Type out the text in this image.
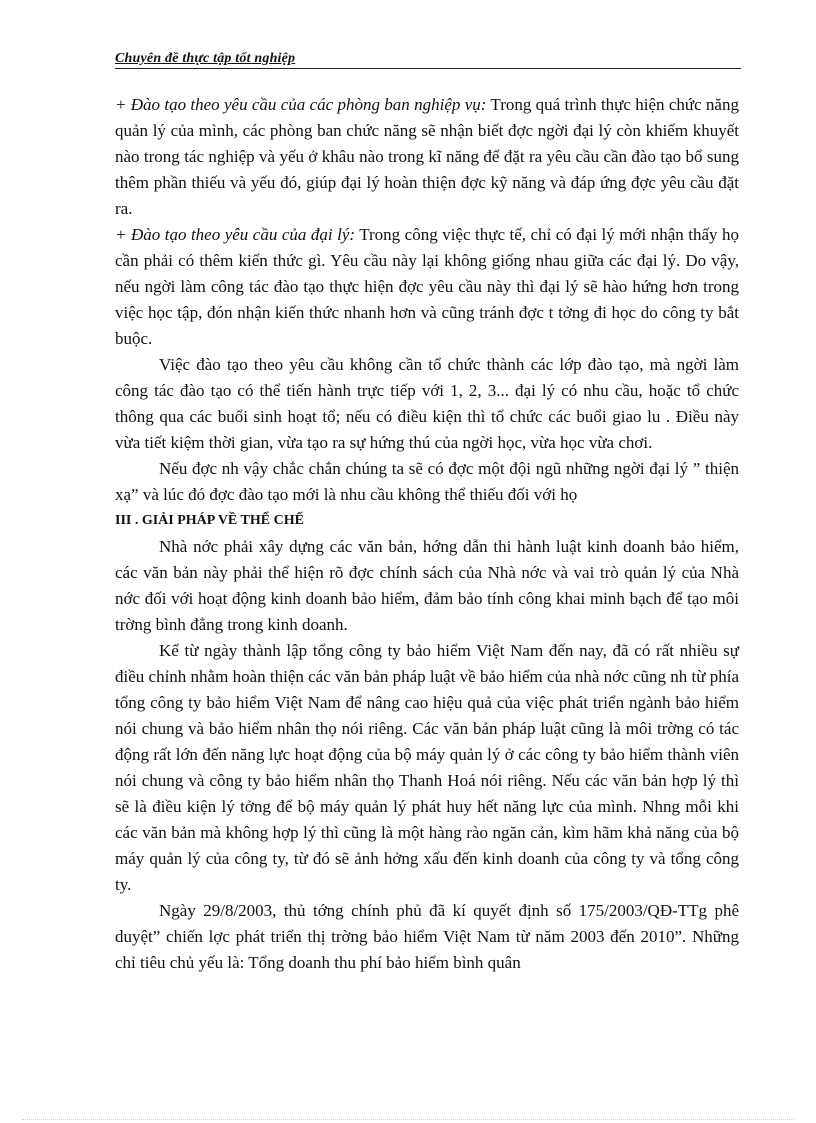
Chuyên đề thực tập tốt nghiệp

+ Đào tạo theo yêu cầu của các phòng ban nghiệp vụ: Trong quá trình thực hiện chức năng quản lý của mình, các phòng ban chức năng sẽ nhận biết đợc ngời đại lý còn khiếm khuyết nào trong tác nghiệp và yếu ở khâu nào trong kĩ năng để đặt ra yêu cầu cần đào tạo bổ sung thêm phần thiếu và yếu đó, giúp đại lý hoàn thiện đợc kỹ năng và đáp ứng đợc yêu cầu đặt ra.

+ Đào tạo theo yêu cầu của đại lý: Trong công việc thực tế, chỉ có đại lý mới nhận thấy họ cần phải có thêm kiến thức gì. Yêu cầu này lại không giống nhau giữa các đại lý. Do vậy, nếu ngời làm công tác đào tạo thực hiện đợc yêu cầu này thì đại lý sẽ hào hứng hơn trong việc học tập, đón nhận kiến thức nhanh hơn và cũng tránh đợc t tởng đi học do công ty bắt buộc.

Việc đào tạo theo yêu cầu không cần tổ chức thành các lớp đào tạo, mà ngời làm công tác đào tạo có thể tiến hành trực tiếp với 1, 2, 3... đại lý có nhu cầu, hoặc tổ chức thông qua các buổi sinh hoạt tổ; nếu có điều kiện thì tổ chức các buổi giao lu . Điều này vừa tiết kiệm thời gian, vừa tạo ra sự hứng thú của ngời học, vừa học vừa chơi.

Nếu đợc nh vậy chắc chắn chúng ta sẽ có đợc một đội ngũ những ngời đại lý ” thiện xạ” và lúc đó đợc đào tạo mới là nhu cầu không thể thiếu đối với họ

III . GIẢI PHÁP VỀ THỂ CHẾ

Nhà nớc phải xây dựng các văn bản, hớng dẫn thi hành luật kinh doanh bảo hiểm, các văn bản này phải thể hiện rõ đợc chính sách của Nhà nớc và vai trò quản lý của Nhà nớc đối với hoạt động kinh doanh bảo hiểm, đảm bảo tính công khai minh bạch để tạo môi trờng bình đẳng trong kinh doanh.

Kể từ ngày thành lập tổng công ty bảo hiểm Việt Nam đến nay, đã có rất nhiều sự điều chỉnh nhằm hoàn thiện các văn bản pháp luật về bảo hiểm của nhà nớc cũng nh từ phía tổng công ty bảo hiểm Việt Nam để nâng cao hiệu quả của việc phát triển ngành bảo hiểm nói chung và bảo hiểm nhân thọ nói riêng. Các văn bản pháp luật cũng là môi trờng có tác động rất lớn đến năng lực hoạt động của bộ máy quản lý ở các công ty bảo hiểm thành viên nói chung và công ty bảo hiểm nhân thọ Thanh Hoá nói riêng. Nếu các văn bản hợp lý thì sẽ là điều kiện lý tởng để bộ máy quản lý phát huy hết năng lực của mình. Nhng mỗi khi các văn bản mà không hợp lý thì cũng là một hàng rào ngăn cản, kìm hãm khả năng của bộ máy quản lý của công ty, từ đó sẽ ảnh hởng xấu đến kinh doanh của công ty và tổng công ty.

Ngày 29/8/2003, thủ tớng chính phủ đã kí quyết định số 175/2003/QĐ-TTg phê duyệt” chiến lợc phát triển thị trờng bảo hiểm Việt Nam từ năm 2003 đến 2010”. Những chỉ tiêu chủ yếu là: Tổng doanh thu phí bảo hiểm bình quân
